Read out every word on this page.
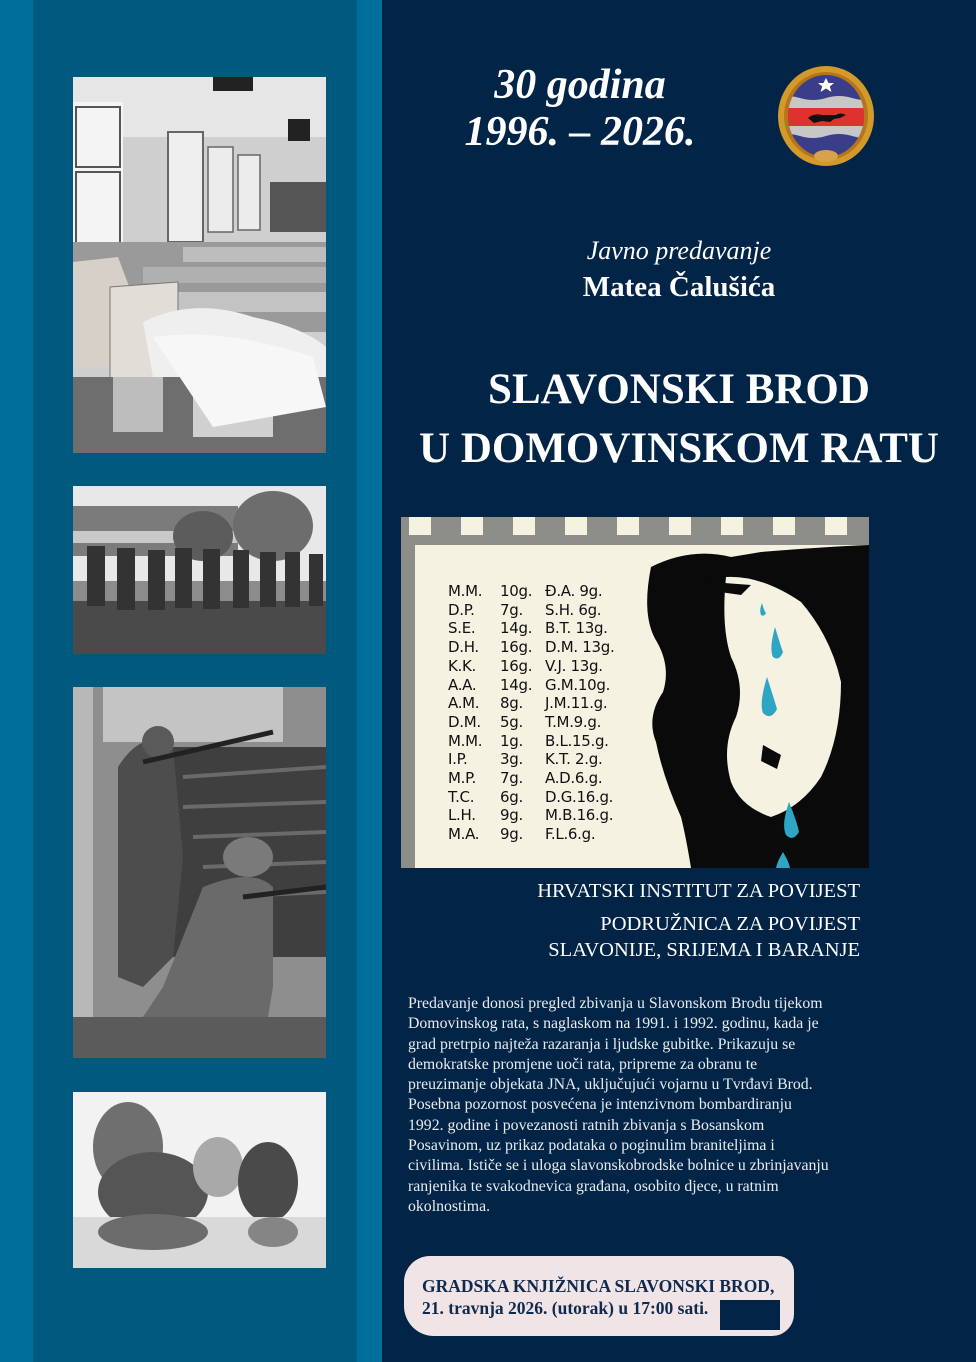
30 godina
1996. – 2026.
Javno predavanje
Matea Čalušića
SLAVONSKI BROD
U DOMOVINSKOM RATU
M.M.	10g. Đ.A. 9g.
D.P.	7g.	S.H. 6g.
S.E.	14g. B.T. 13g.
D.H.	16g. D.M. 13g.
K.K.	16g. V.J. 13g.
A.A.	14g. G.M.10g.
A.M.	8g.	J.M.11.g.
D.M.	5g.	T.M.9.g.
M.M.	1g.	B.L.15.g.
I.P.	3g.	K.T. 2.g.
M.P.	7g.	A.D.6.g.
T.C.	6g.	D.G.16.g.
L.H.	9g.	M.B.16.g.
M.A.	9g.	F.L.6.g.
HRVATSKI INSTITUT ZA POVIJEST
PODRUŽNICA ZA POVIJEST
SLAVONIJE, SRIJEMA I BARANJE

Predavanje donosi pregled zbivanja u Slavonskom Brodu tijekom

Domovinskog rata, s naglaskom na 1991. i 1992. godinu, kada je

grad pretrpio najteža razaranja i ljudske gubitke. Prikazuju se

demokratske promjene uoči rata, pripreme za obranu te

preuzimanje objekata JNA, uključujući vojarnu u Tvrđavi Brod.

Posebna pozornost posvećena je intenzivnom bombardiranju

1992. godine i povezanosti ratnih zbivanja s Bosanskom

Posavinom, uz prikaz podataka o poginulim braniteljima i

civilima. Ističe se i uloga slavonskobrodske bolnice u zbrinjavanju

ranjenika te svakodnevica građana, osobito djece, u ratnim

okolnostima.

GRADSKA KNJIŽNICA SLAVONSKI BROD,
21. travnja 2026. (utorak) u 17:00 sati.
